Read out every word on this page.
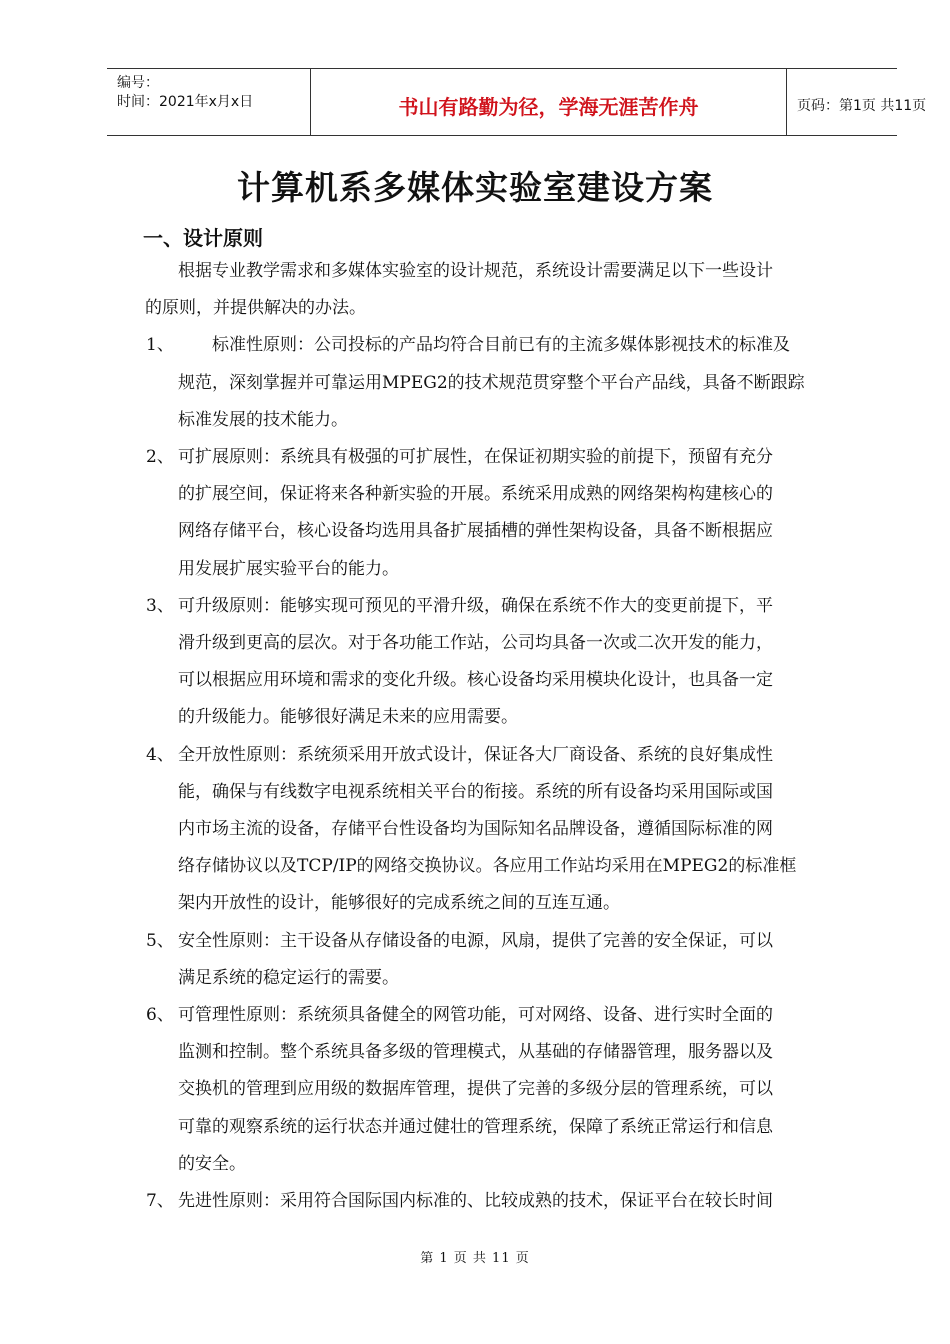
编号：
时间：2021年x月x日	书山有路勤为径，学海无涯苦作舟	页码：第1页 共11页
计算机系多媒体实验室建设方案
一、设计原则
根据专业教学需求和多媒体实验室的设计规范，系统设计需要满足以下一些设计
的原则，并提供解决的办法。
1、 标准性原则：公司投标的产品均符合目前已有的主流多媒体影视技术的标准及
规范，深刻掌握并可靠运用MPEG2的技术规范贯穿整个平台产品线，具备不断跟踪
标准发展的技术能力。
2、 可扩展原则：系统具有极强的可扩展性，在保证初期实验的前提下，预留有充分
的扩展空间，保证将来各种新实验的开展。系统采用成熟的网络架构构建核心的
网络存储平台，核心设备均选用具备扩展插槽的弹性架构设备，具备不断根据应
用发展扩展实验平台的能力。
3、 可升级原则：能够实现可预见的平滑升级，确保在系统不作大的变更前提下，平
滑升级到更高的层次。对于各功能工作站，公司均具备一次或二次开发的能力，
可以根据应用环境和需求的变化升级。核心设备均采用模块化设计，也具备一定
的升级能力。能够很好满足未来的应用需要。
4、 全开放性原则：系统须采用开放式设计，保证各大厂商设备、系统的良好集成性
能，确保与有线数字电视系统相关平台的衔接。系统的所有设备均采用国际或国
内市场主流的设备，存储平台性设备均为国际知名品牌设备，遵循国际标准的网
络存储协议以及TCP/IP的网络交换协议。各应用工作站均采用在MPEG2的标准框
架内开放性的设计，能够很好的完成系统之间的互连互通。
5、 安全性原则：主干设备从存储设备的电源，风扇，提供了完善的安全保证，可以
满足系统的稳定运行的需要。
6、 可管理性原则：系统须具备健全的网管功能，可对网络、设备、进行实时全面的
监测和控制。整个系统具备多级的管理模式，从基础的存储器管理，服务器以及
交换机的管理到应用级的数据库管理，提供了完善的多级分层的管理系统，可以
可靠的观察系统的运行状态并通过健壮的管理系统，保障了系统正常运行和信息
的安全。
7、 先进性原则：采用符合国际国内标准的、比较成熟的技术，保证平台在较长时间
第 1 页 共 11 页
